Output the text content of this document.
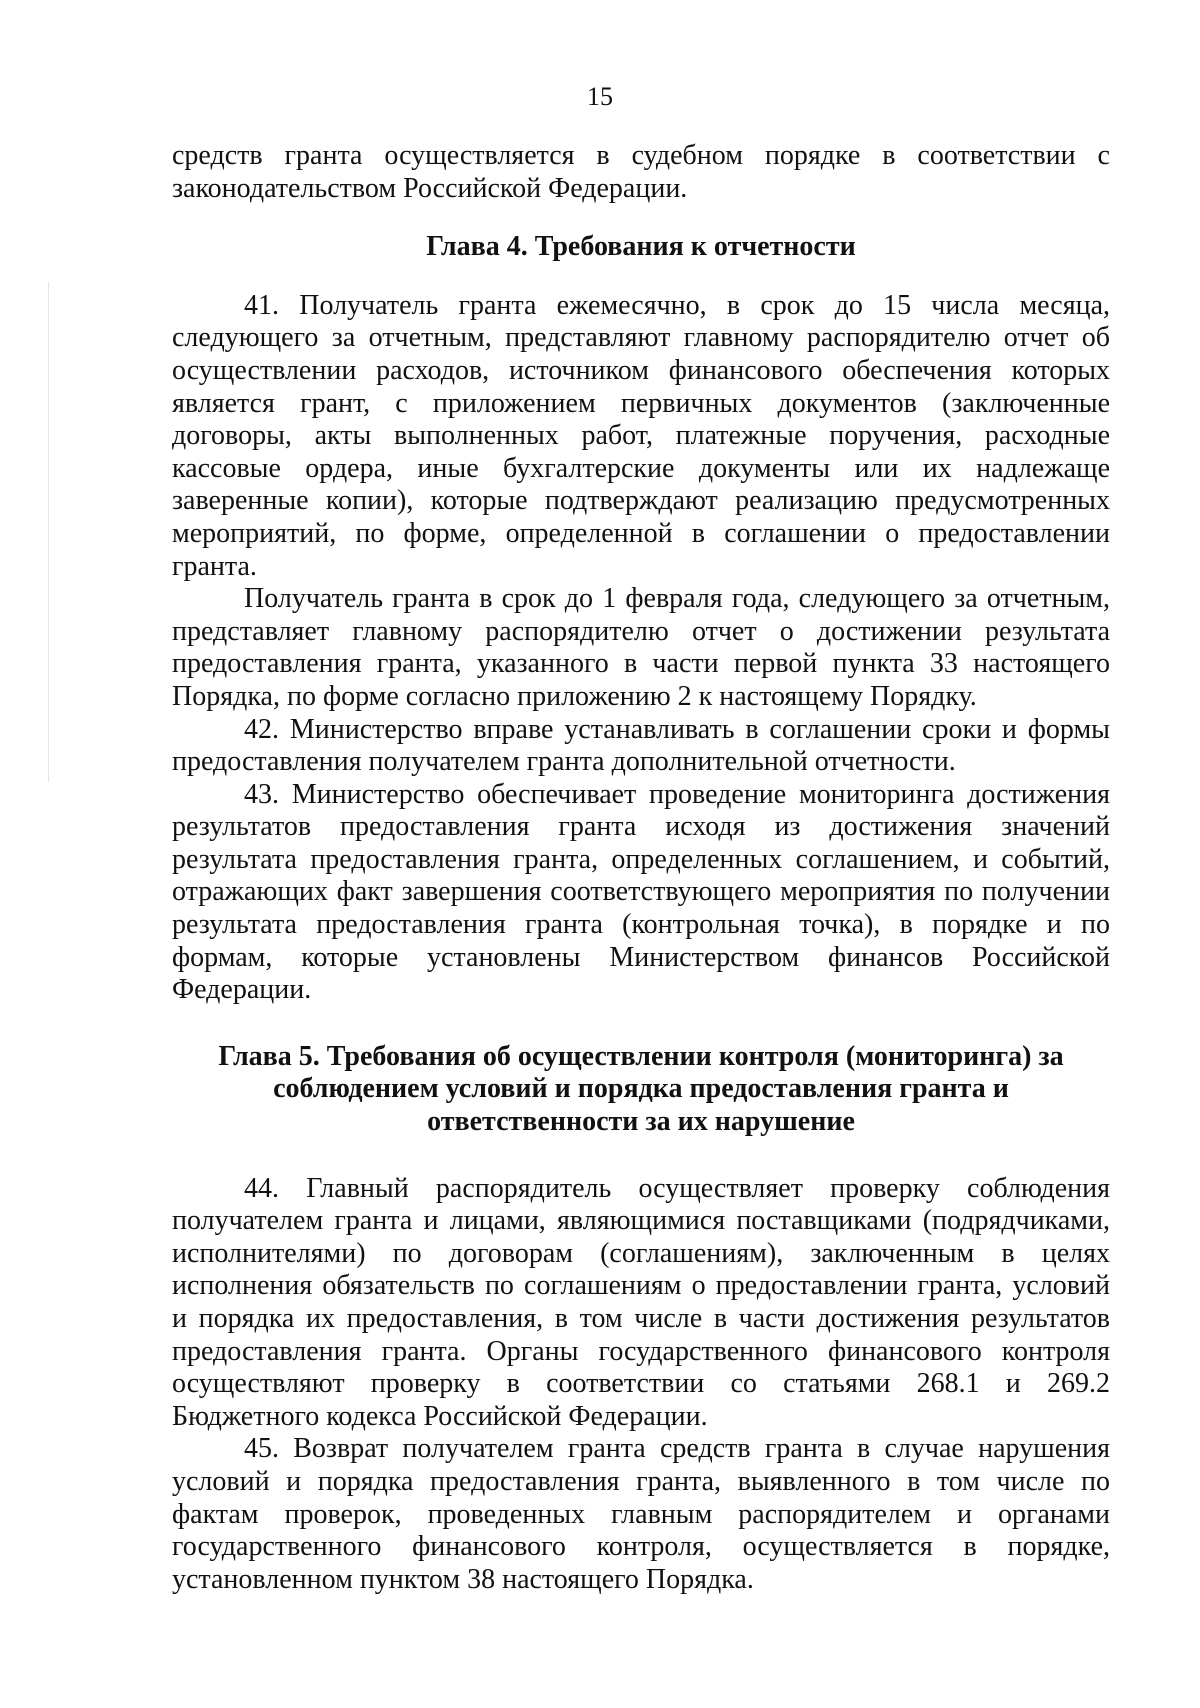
15

средств гранта осуществляется в судебном порядке в соответствии с законодательством Российской Федерации.

Глава 4. Требования к отчетности

41. Получатель гранта ежемесячно, в срок до 15 числа месяца, следующего за отчетным, представляют главному распорядителю отчет об осуществлении расходов, источником финансового обеспечения которых является грант, с приложением первичных документов (заключенные договоры, акты выполненных работ, платежные поручения, расходные кассовые ордера, иные бухгалтерские документы или их надлежаще заверенные копии), которые подтверждают реализацию предусмотренных мероприятий, по форме, определенной в соглашении о предоставлении гранта.

Получатель гранта в срок до 1 февраля года, следующего за отчетным, представляет главному распорядителю отчет о достижении результата предоставления гранта, указанного в части первой пункта 33 настоящего Порядка, по форме согласно приложению 2 к настоящему Порядку.

42. Министерство вправе устанавливать в соглашении сроки и формы предоставления получателем гранта дополнительной отчетности.

43. Министерство обеспечивает проведение мониторинга достижения результатов предоставления гранта исходя из достижения значений результата предоставления гранта, определенных соглашением, и событий, отражающих факт завершения соответствующего мероприятия по получении результата предоставления гранта (контрольная точка), в порядке и по формам, которые установлены Министерством финансов Российской Федерации.

Глава 5. Требования об осуществлении контроля (мониторинга) за
соблюдением условий и порядка предоставления гранта и
ответственности за их нарушение

44. Главный распорядитель осуществляет проверку соблюдения получателем гранта и лицами, являющимися поставщиками (подрядчиками, исполнителями) по договорам (соглашениям), заключенным в целях исполнения обязательств по соглашениям о предоставлении гранта, условий и порядка их предоставления, в том числе в части достижения результатов предоставления гранта. Органы государственного финансового контроля осуществляют проверку в соответствии со статьями 268.1 и 269.2 Бюджетного кодекса Российской Федерации.

45. Возврат получателем гранта средств гранта в случае нарушения условий и порядка предоставления гранта, выявленного в том числе по фактам проверок, проведенных главным распорядителем и органами государственного финансового контроля, осуществляется в порядке, установленном пунктом 38 настоящего Порядка.
